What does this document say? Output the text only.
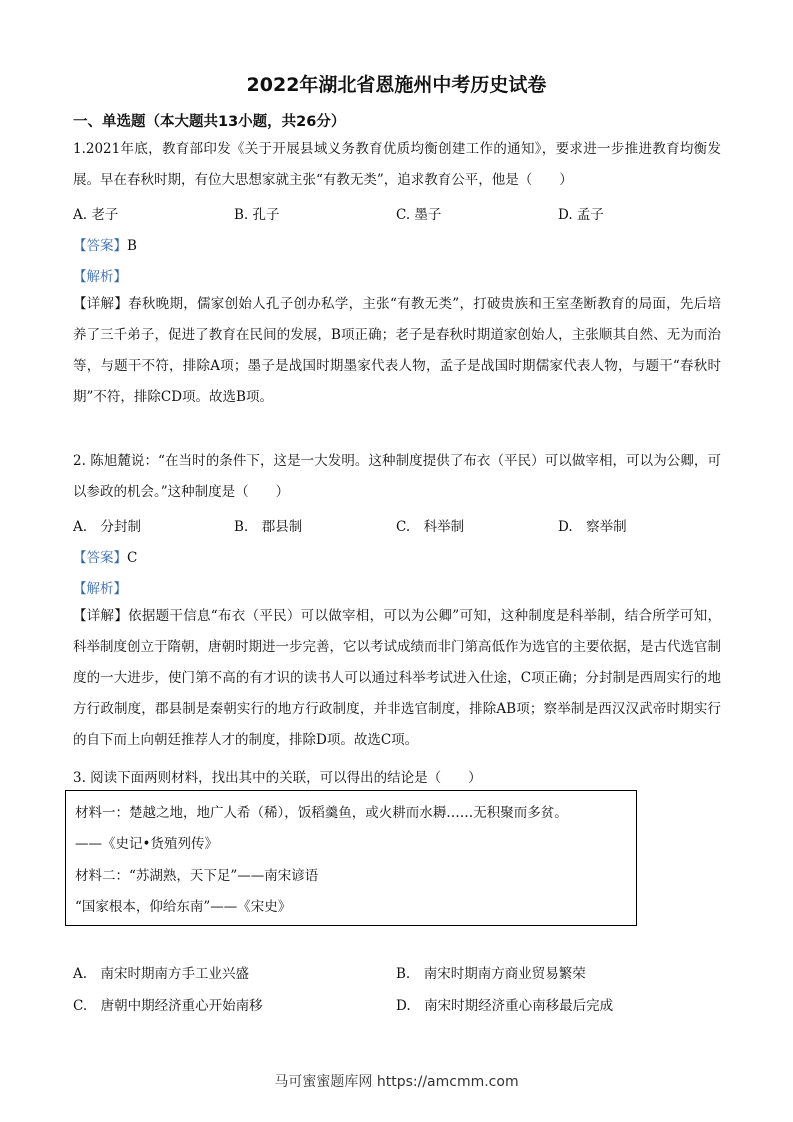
2022年湖北省恩施州中考历史试卷
一、单选题（本大题共13小题，共26分）
1.2021年底，教育部印发《关于开展县域义务教育优质均衡创建工作的通知》，要求进一步推进教育均衡发展。早在春秋时期，有位大思想家就主张“有教无类”，追求教育公平，他是（　　）
A. 老子	B. 孔子	C. 墨子	D. 孟子
【答案】B
【解析】
【详解】春秋晚期，儒家创始人孔子创办私学，主张“有教无类”，打破贵族和王室垄断教育的局面，先后培养了三千弟子，促进了教育在民间的发展，B项正确；老子是春秋时期道家创始人，主张顺其自然、无为而治等，与题干不符，排除A项；墨子是战国时期墨家代表人物，孟子是战国时期儒家代表人物，与题干“春秋时期”不符，排除CD项。故选B项。
2. 陈旭麓说：“在当时的条件下，这是一大发明。这种制度提供了布衣（平民）可以做宰相，可以为公卿，可以参政的机会。”这种制度是（　　）
A.　分封制	B.　郡县制	C.　科举制	D.　察举制
【答案】C
【解析】
【详解】依据题干信息“布衣（平民）可以做宰相，可以为公卿”可知，这种制度是科举制，结合所学可知，科举制度创立于隋朝，唐朝时期进一步完善，它以考试成绩而非门第高低作为选官的主要依据，是古代选官制度的一大进步，使门第不高的有才识的读书人可以通过科举考试进入仕途，C项正确；分封制是西周实行的地方行政制度，郡县制是秦朝实行的地方行政制度，并非选官制度，排除AB项；察举制是西汉汉武帝时期实行的自下而上向朝廷推荐人才的制度，排除D项。故选C项。
3. 阅读下面两则材料，找出其中的关联，可以得出的结论是（　　）
材料一：楚越之地，地广人希（稀），饭稻羹鱼，或火耕而水耨……无积聚而多贫。
——《史记•货殖列传》
材料二：“苏湖熟，天下足”——南宋谚语
“国家根本，仰给东南”——《宋史》
A.　南宋时期南方手工业兴盛	B.　南宋时期南方商业贸易繁荣
C.　唐朝中期经济重心开始南移	D.　南宋时期经济重心南移最后完成
马可蜜蜜题库网 https://amcmm.com
